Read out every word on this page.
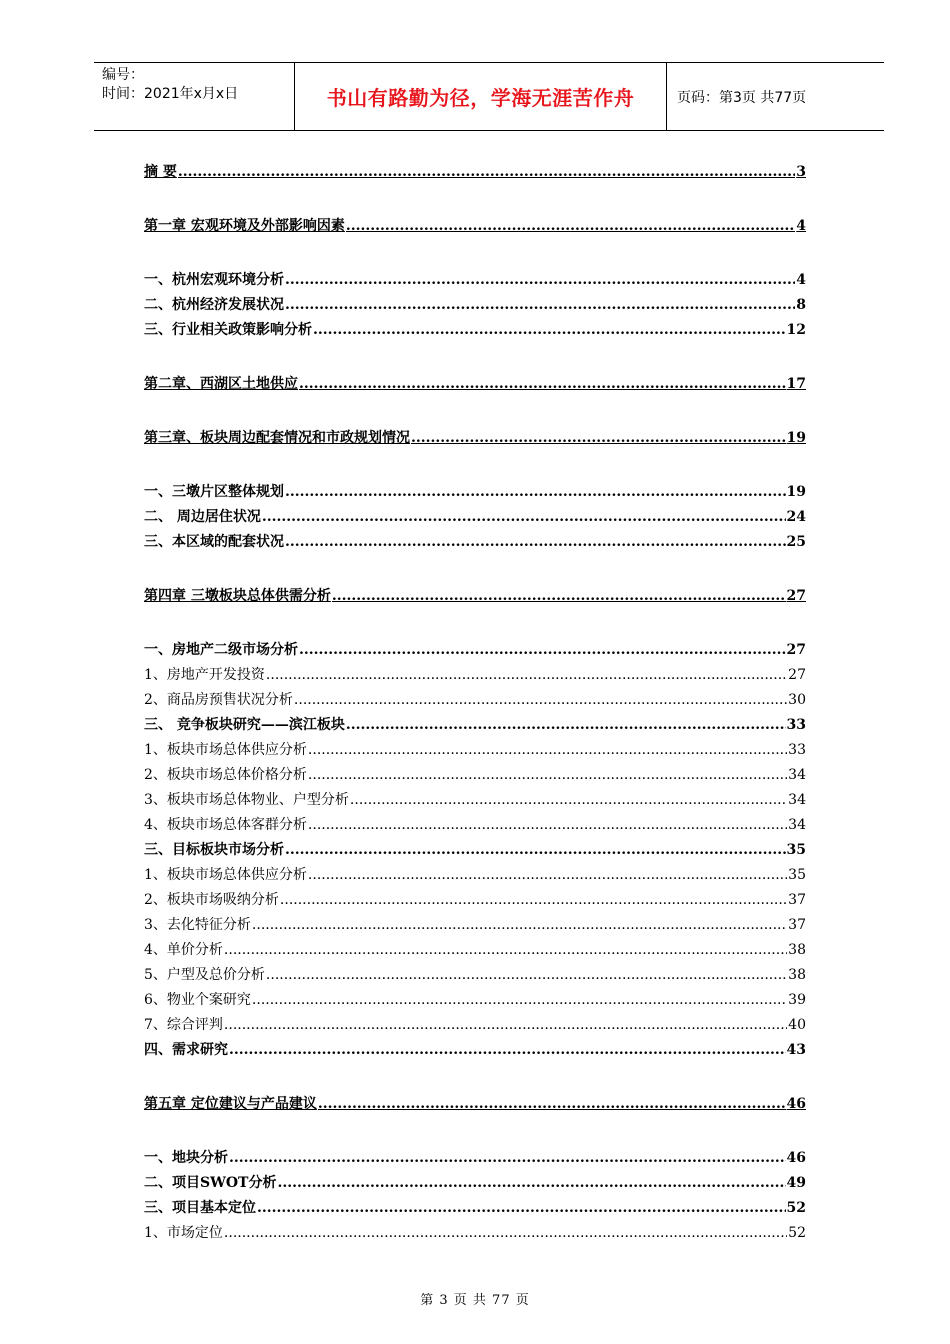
编号：
时间：2021年x月x日	书山有路勤为径，学海无涯苦作舟	页码：第3页 共77页
摘 要 .....	3
第一章 宏观环境及外部影响因素 .....	4
一、杭州宏观环境分析 .....	4
二、杭州经济发展状况 .....	8
三、行业相关政策影响分析 .....	12
第二章、西湖区土地供应 .....	17
第三章、板块周边配套情况和市政规划情况 .....	19
一、三墩片区整体规划 .....	19
二、 周边居住状况 .....	24
三、本区域的配套状况 .....	25
第四章 三墩板块总体供需分析 .....	27
一、房地产二级市场分析 .....	27
1、房地产开发投资 .....	27
2、商品房预售状况分析 .....	30
三、 竞争板块研究——滨江板块 .....	33
1、板块市场总体供应分析 .....	33
2、板块市场总体价格分析 .....	34
3、板块市场总体物业、户型分析 .....	34
4、板块市场总体客群分析 .....	34
三、目标板块市场分析 .....	35
1、板块市场总体供应分析 .....	35
2、板块市场吸纳分析 .....	37
3、去化特征分析 .....	37
4、单价分析 .....	38
5、户型及总价分析 .....	38
6、物业个案研究 .....	39
7、综合评判 .....	40
四、需求研究 .....	43
第五章 定位建议与产品建议 .....	46
一、地块分析 .....	46
二、项目SWOT分析 .....	49
三、项目基本定位 .....	52
1、市场定位 .....	52
第 3 页 共 77 页
